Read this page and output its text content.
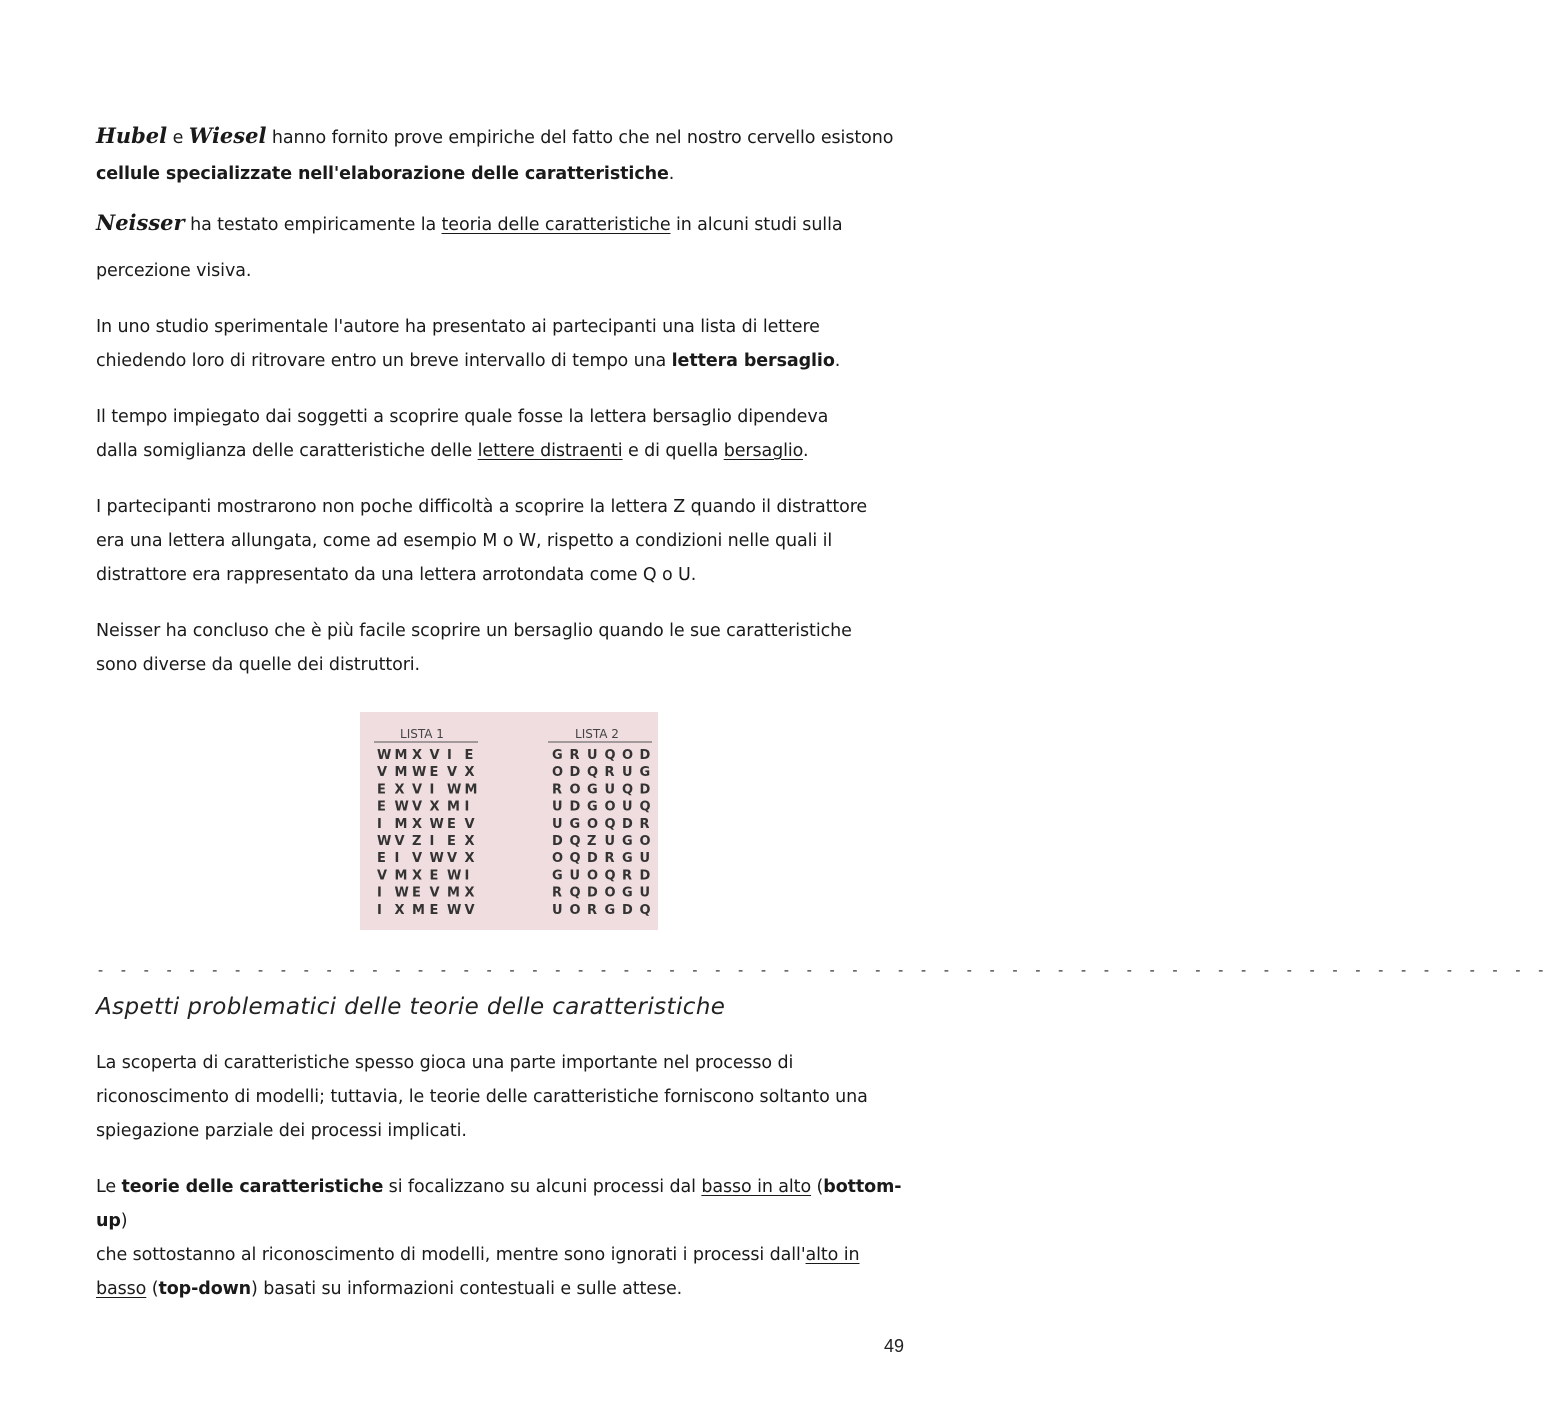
Hubel e Wiesel hanno fornito prove empiriche del fatto che nel nostro cervello esistono
cellule specializzate nell'elaborazione delle caratteristiche.

Neisser ha testato empiricamente la teoria delle caratteristiche in alcuni studi sulla
percezione visiva.

In uno studio sperimentale l'autore ha presentato ai partecipanti una lista di lettere
chiedendo loro di ritrovare entro un breve intervallo di tempo una lettera bersaglio.

Il tempo impiegato dai soggetti a scoprire quale fosse la lettera bersaglio dipendeva
dalla somiglianza delle caratteristiche delle lettere distraenti e di quella bersaglio.

I partecipanti mostrarono non poche difficoltà a scoprire la lettera Z quando il distrattore
era una lettera allungata, come ad esempio M o W, rispetto a condizioni nelle quali il
distrattore era rappresentato da una lettera arrotondata come Q o U.

Neisser ha concluso che è più facile scoprire un bersaglio quando le sue caratteristiche
sono diverse da quelle dei distruttori.

LISTA 1	LISTA 2
W M X V I E
V M W E V X
E X V I W M
E W V X M I
I M X W E V
W V Z I E X
E I V W V X
V M X E W I
I W E V M X
I X M E W V
G R U Q O D
O D Q R U G
R O G U Q D
U D G O U Q
U G O Q D R
D Q Z U G O
O Q D R G U
G U O Q R D
R Q D O G U
U O R G D Q
- - - - - - - - - - - - - - - - - - - - - - - - - - - - - - - - - - - - - - - - - - - - - - - - - - - - - - - - - - - - - - - -
Aspetti problematici delle teorie delle caratteristiche

La scoperta di caratteristiche spesso gioca una parte importante nel processo di
riconoscimento di modelli; tuttavia, le teorie delle caratteristiche forniscono soltanto una
spiegazione parziale dei processi implicati.

Le teorie delle caratteristiche si focalizzano su alcuni processi dal basso in alto (bottom-up)
che sottostanno al riconoscimento di modelli, mentre sono ignorati i processi dall'alto in
basso (top-down) basati su informazioni contestuali e sulle attese.

49
